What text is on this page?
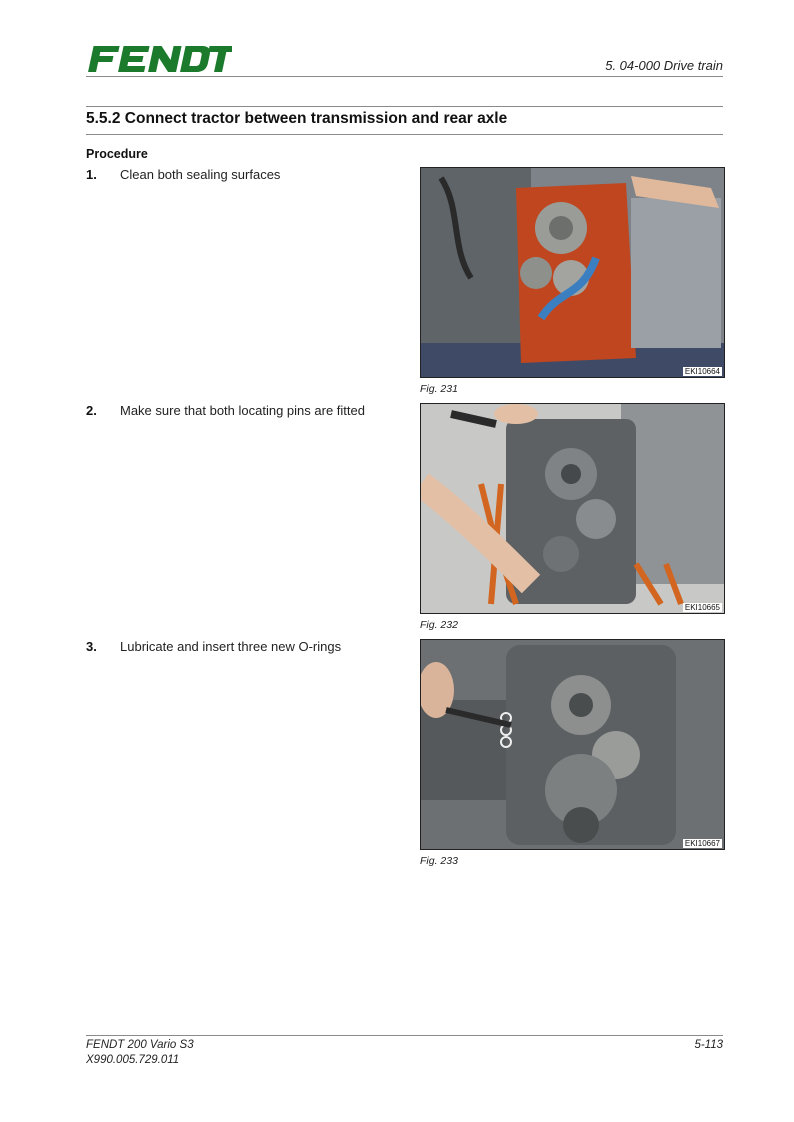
5. 04-000 Drive train
5.5.2 Connect tractor between transmission and rear axle
Procedure
1. Clean both sealing surfaces
EKI10664
Fig. 231
2. Make sure that both locating pins are fitted
EKI10665
Fig. 232
3. Lubricate and insert three new O-rings
EKI10667
Fig. 233
FENDT 200 Vario S3
X990.005.729.011
5-113
